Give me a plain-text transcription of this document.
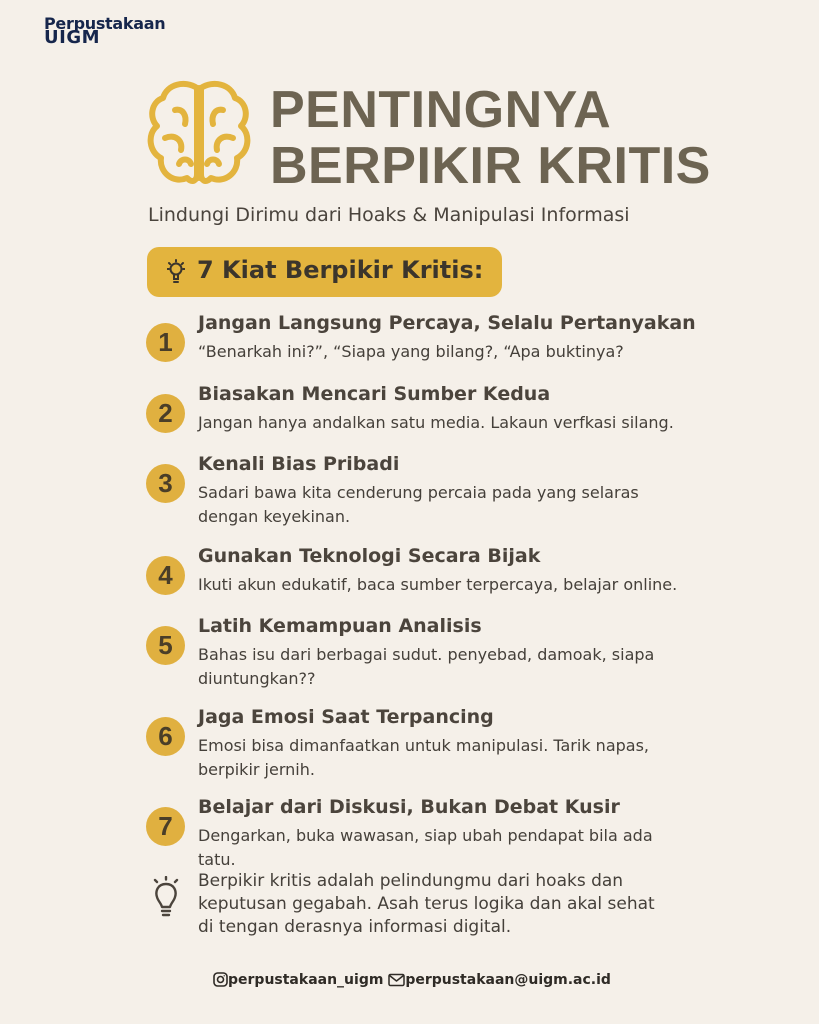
Perpustakaan
UIGM
PENTINGNYA
BERPIKIR KRITIS
Lindungi Dirimu dari Hoaks & Manipulasi Informasi
7 Kiat Berpikir Kritis:
1
Jangan Langsung Percaya, Selalu Pertanyakan
“Benarkah ini?”, “Siapa yang bilang?, “Apa buktinya?
2
Biasakan Mencari Sumber Kedua
Jangan hanya andalkan satu media. Lakaun verfkasi silang.
3
Kenali Bias Pribadi
Sadari bawa kita cenderung percaia pada yang selaras dengan keyekinan.
4
Gunakan Teknologi Secara Bijak
Ikuti akun edukatif, baca sumber terpercaya, belajar online.
5
Latih Kemampuan Analisis
Bahas isu dari berbagai sudut. penyebad, damoak, siapa diuntungkan??
6
Jaga Emosi Saat Terpancing
Emosi bisa dimanfaatkan untuk manipulasi. Tarik napas, berpikir jernih.
7
Belajar dari Diskusi, Bukan Debat Kusir
Dengarkan, buka wawasan, siap ubah pendapat bila ada tatu.
Berpikir kritis adalah pelindungmu dari hoaks dan keputusan gegabah. Asah terus logika dan akal sehat di tengan derasnya informasi digital.
perpustakaan_uigm perpustakaan@uigm.ac.id
